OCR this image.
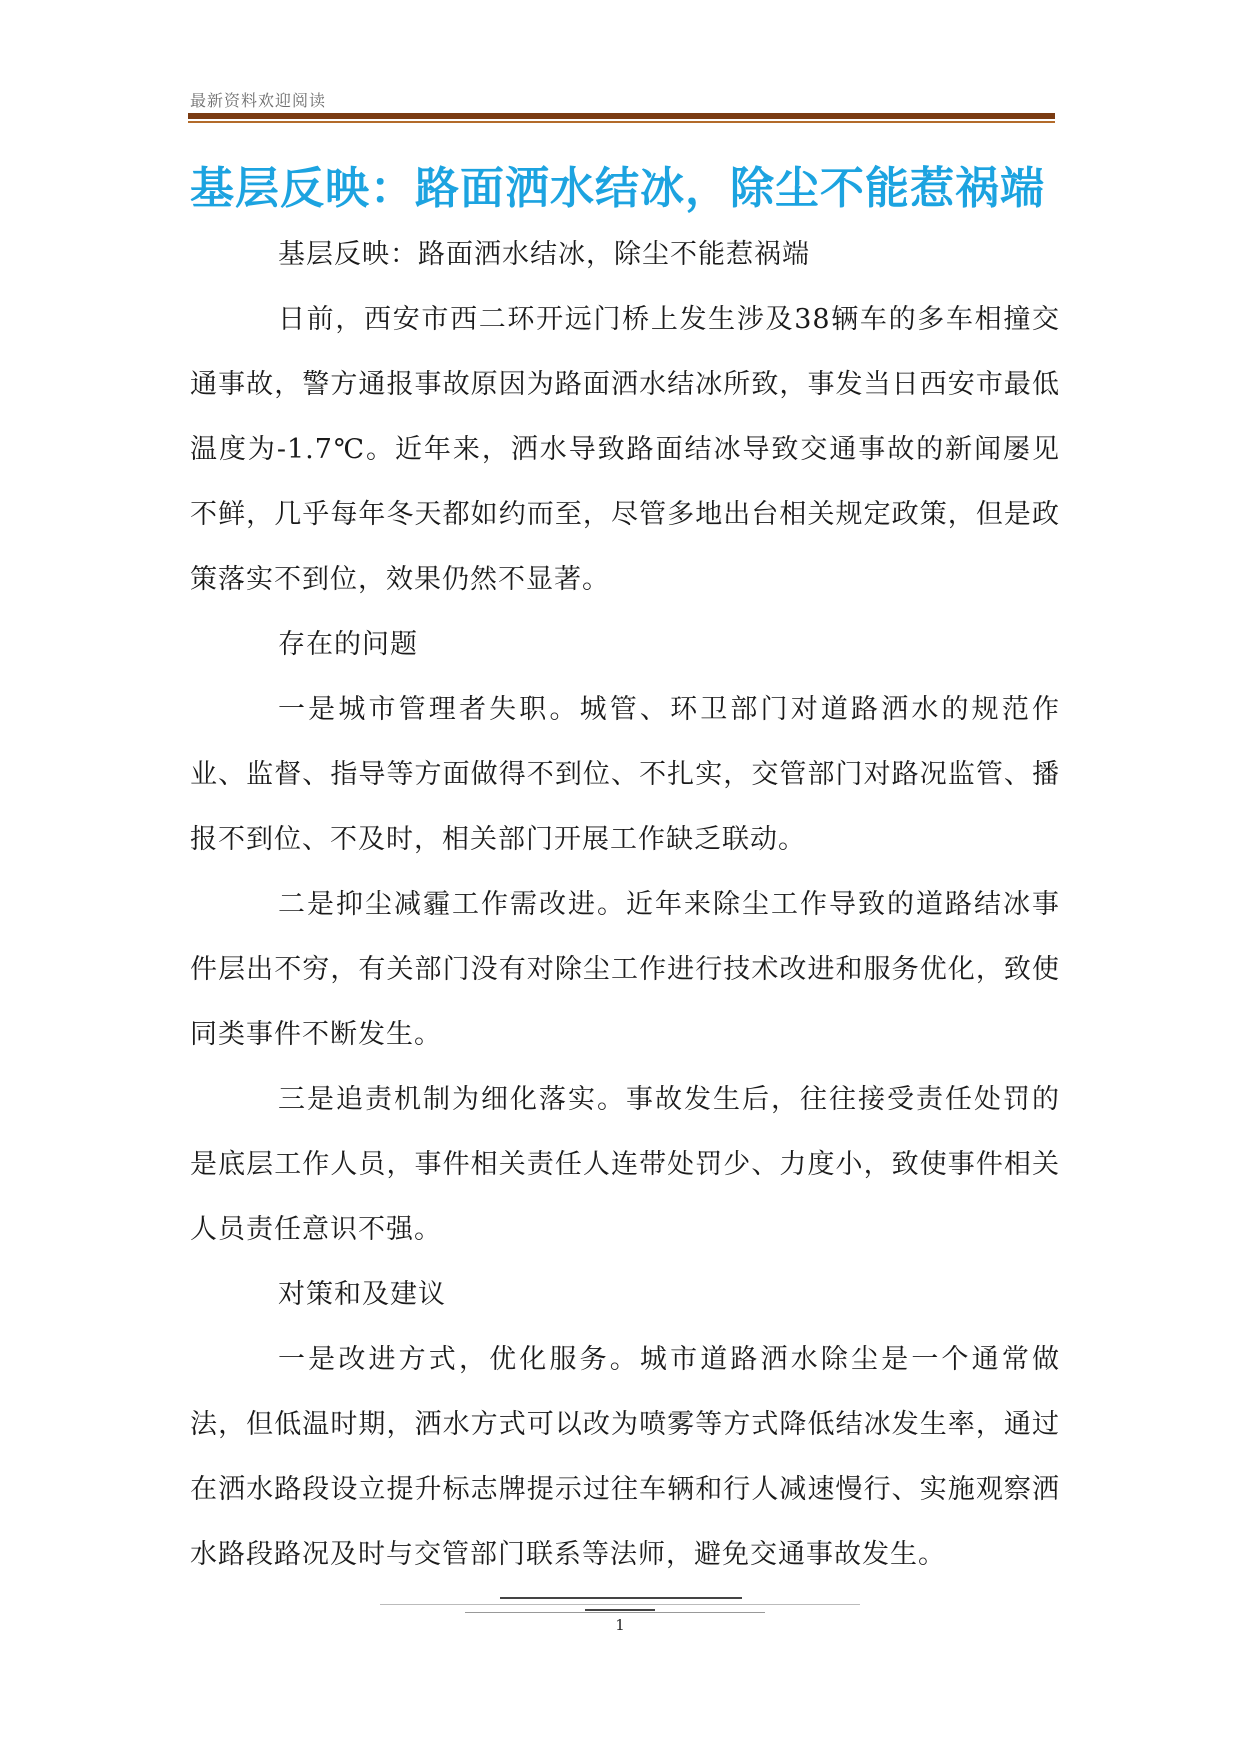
最新资料欢迎阅读
基层反映：路面洒水结冰，除尘不能惹祸端

基层反映：路面洒水结冰，除尘不能惹祸端

日前，西安市西二环开远门桥上发生涉及38辆车的多车相撞交通事故，警方通报事故原因为路面洒水结冰所致，事发当日西安市最低温度为-1.7℃。近年来，洒水导致路面结冰导致交通事故的新闻屡见不鲜，几乎每年冬天都如约而至，尽管多地出台相关规定政策，但是政策落实不到位，效果仍然不显著。

存在的问题

一是城市管理者失职。城管、环卫部门对道路洒水的规范作业、监督、指导等方面做得不到位、不扎实，交管部门对路况监管、播报不到位、不及时，相关部门开展工作缺乏联动。

二是抑尘减霾工作需改进。近年来除尘工作导致的道路结冰事件层出不穷，有关部门没有对除尘工作进行技术改进和服务优化，致使同类事件不断发生。

三是追责机制为细化落实。事故发生后，往往接受责任处罚的是底层工作人员，事件相关责任人连带处罚少、力度小，致使事件相关人员责任意识不强。

对策和及建议

一是改进方式，优化服务。城市道路洒水除尘是一个通常做法，但低温时期，洒水方式可以改为喷雾等方式降低结冰发生率，通过在洒水路段设立提升标志牌提示过往车辆和行人减速慢行、实施观察洒水路段路况及时与交管部门联系等法师，避免交通事故发生。

1
